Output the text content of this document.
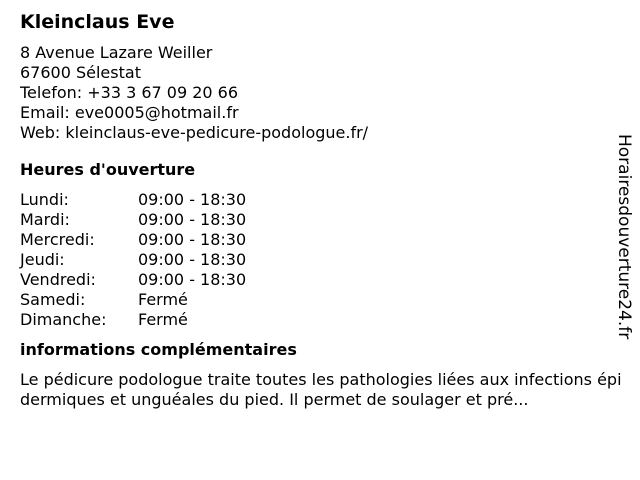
Kleinclaus Eve
8 Avenue Lazare Weiller
67600 Sélestat
Telefon: +33 3 67 09 20 66
Email: eve0005@hotmail.fr
Web: kleinclaus-eve-pedicure-podologue.fr/
Heures d'ouverture
Lundi:	09:00 - 18:30
Mardi:	09:00 - 18:30
Mercredi:	09:00 - 18:30
Jeudi:	09:00 - 18:30
Vendredi:	09:00 - 18:30
Samedi:	Fermé
Dimanche:	Fermé
informations complémentaires
Le pédicure podologue traite toutes les pathologies liées aux infections épidermiques et unguéales du pied. Il permet de soulager et pré...
Horairesdouverture24.fr
